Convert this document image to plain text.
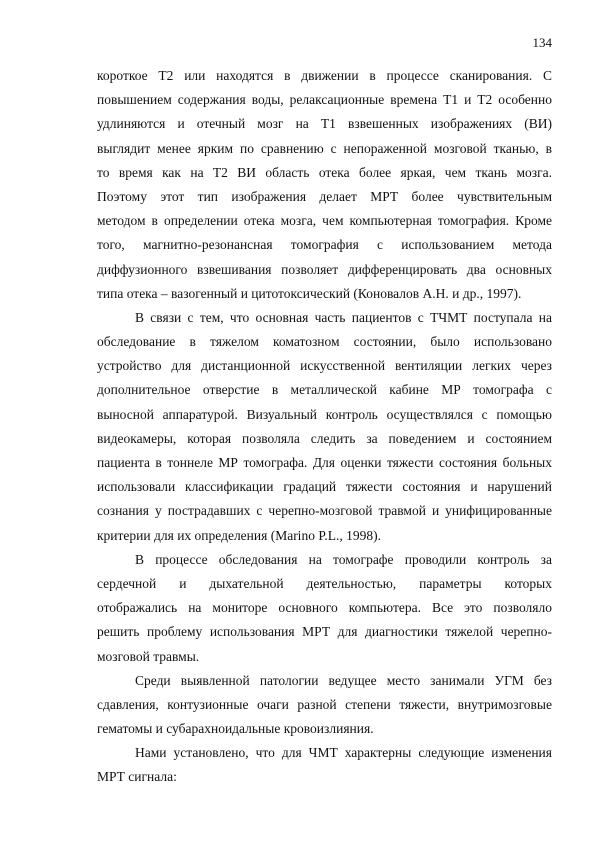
134
короткое Т2 или находятся в движении в процессе сканирования. С
повышением содержания воды, релаксационные времена Т1 и Т2 особенно
удлиняются и отечный мозг на Т1 взвешенных изображениях (ВИ)
выглядит менее ярким по сравнению с непораженной мозговой тканью, в
то время как на Т2 ВИ область отека более яркая, чем ткань мозга.
Поэтому этот тип изображения делает МРТ более чувствительным
методом в определении отека мозга, чем компьютерная томография. Кроме
того, магнитно-резонансная томография с использованием метода
диффузионного взвешивания позволяет дифференцировать два основных
типа отека – вазогенный и цитотоксический (Коновалов А.Н. и др., 1997).
В связи с тем, что основная часть пациентов с ТЧМТ поступала на
обследование в тяжелом коматозном состоянии, было использовано
устройство для дистанционной искусственной вентиляции легких через
дополнительное отверстие в металлической кабине МР томографа с
выносной аппаратурой. Визуальный контроль осуществлялся с помощью
видеокамеры, которая позволяла следить за поведением и состоянием
пациента в тоннеле МР томографа. Для оценки тяжести состояния больных
использовали классификации градаций тяжести состояния и нарушений
сознания у пострадавших с черепно-мозговой травмой и унифицированные
критерии для их определения (Marino P.L., 1998).
В процессе обследования на томографе проводили контроль за
сердечной и дыхательной деятельностью, параметры которых
отображались на мониторе основного компьютера. Все это позволяло
решить проблему использования МРТ для диагностики тяжелой черепно-
мозговой травмы.
Среди выявленной патологии ведущее место занимали УГМ без
сдавления, контузионные очаги разной степени тяжести, внутримозговые
гематомы и субарахноидальные кровоизлияния.
Нами установлено, что для ЧМТ характерны следующие изменения
МРТ сигнала:
